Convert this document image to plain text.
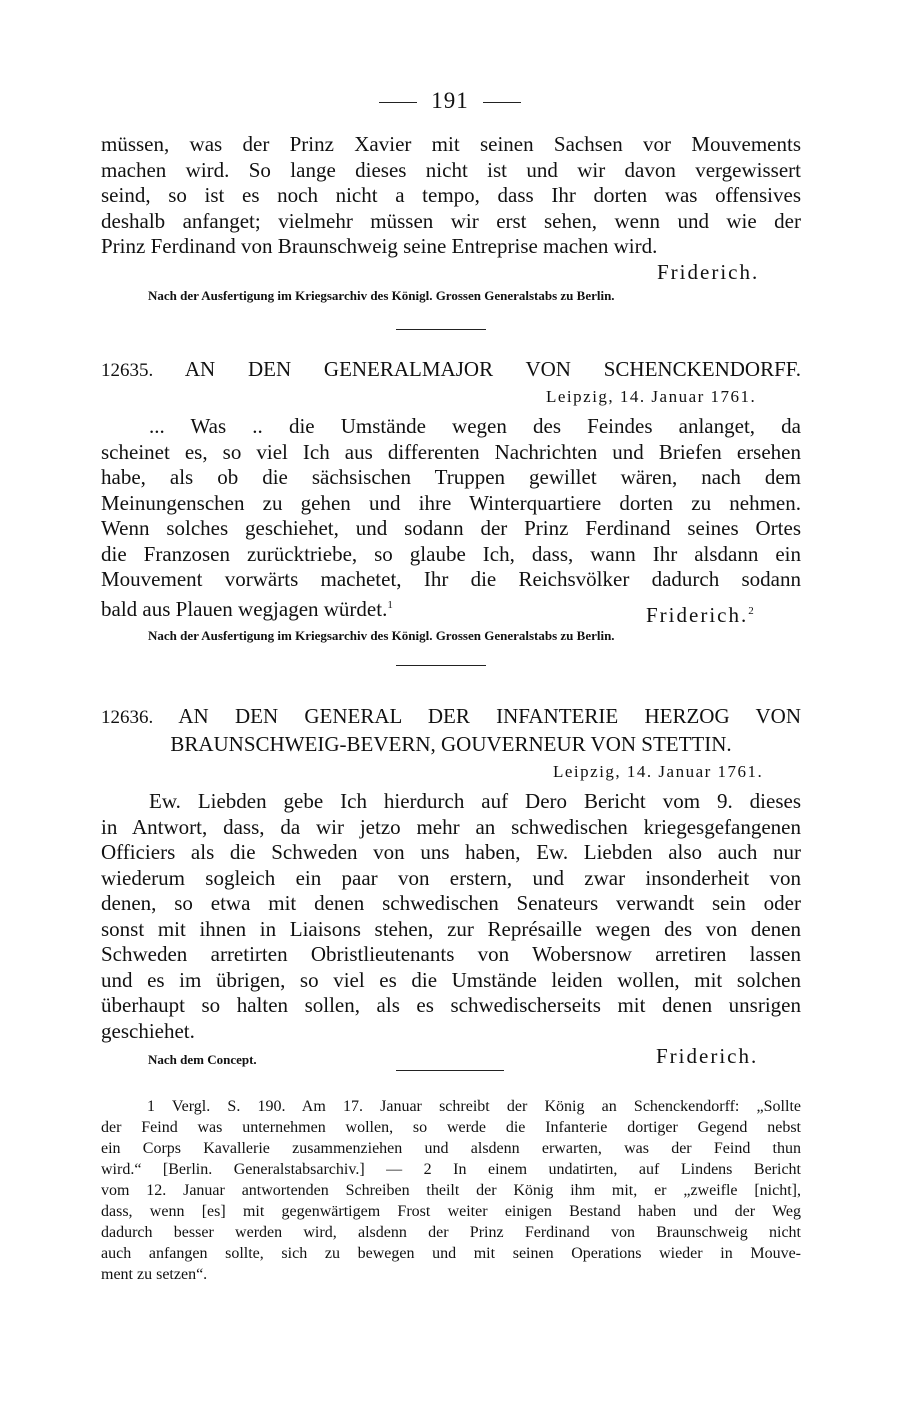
191
müssen, was der Prinz Xavier mit seinen Sachsen vor Mouvements
machen wird. So lange dieses nicht ist und wir davon vergewissert
seind, so ist es noch nicht a tempo, dass Ihr dorten was offensives
deshalb anfanget; vielmehr müssen wir erst sehen, wenn und wie der
Prinz Ferdinand von Braunschweig seine Entreprise machen wird.
Friderich.
Nach der Ausfertigung im Kriegsarchiv des Königl. Grossen Generalstabs zu Berlin.
12635. AN DEN GENERALMAJOR VON SCHENCKENDORFF.
Leipzig, 14. Januar 1761.
... Was .. die Umstände wegen des Feindes anlanget, da
scheinet es, so viel Ich aus differenten Nachrichten und Briefen ersehen
habe, als ob die sächsischen Truppen gewillet wären, nach dem
Meinungenschen zu gehen und ihre Winterquartiere dorten zu nehmen.
Wenn solches geschiehet, und sodann der Prinz Ferdinand seines Ortes
die Franzosen zurücktriebe, so glaube Ich, dass, wann Ihr alsdann ein
Mouvement vorwärts machetet, Ihr die Reichsvölker dadurch sodann
bald aus Plauen wegjagen würdet.$^1$	Friderich.$^2$
Nach der Ausfertigung im Kriegsarchiv des Königl. Grossen Generalstabs zu Berlin.
12636. AN DEN GENERAL DER INFANTERIE HERZOG VON
BRAUNSCHWEIG-BEVERN, GOUVERNEUR VON STETTIN.
Leipzig, 14. Januar 1761.
Ew. Liebden gebe Ich hierdurch auf Dero Bericht vom 9. dieses
in Antwort, dass, da wir jetzo mehr an schwedischen kriegesgefangenen
Officiers als die Schweden von uns haben, Ew. Liebden also auch nur
wiederum sogleich ein paar von erstern, und zwar insonderheit von
denen, so etwa mit denen schwedischen Senateurs verwandt sein oder
sonst mit ihnen in Liaisons stehen, zur Représaille wegen des von denen
Schweden arretirten Obristlieutenants von Wobersnow arretiren lassen
und es im übrigen, so viel es die Umstände leiden wollen, mit solchen
überhaupt so halten sollen, als es schwedischerseits mit denen unsrigen
geschiehet.
Nach dem Concept.	Friderich.
1 Vergl. S. 190. Am 17. Januar schreibt der König an Schenckendorff: „Sollte
der Feind was unternehmen wollen, so werde die Infanterie dortiger Gegend nebst
ein Corps Kavallerie zusammenziehen und alsdenn erwarten, was der Feind thun
wird.“ [Berlin. Generalstabsarchiv.] — 2 In einem undatirten, auf Lindens Bericht
vom 12. Januar antwortenden Schreiben theilt der König ihm mit, er „zweifle [nicht],
dass, wenn [es] mit gegenwärtigem Frost weiter einigen Bestand haben und der Weg
dadurch besser werden wird, alsdenn der Prinz Ferdinand von Braunschweig nicht
auch anfangen sollte, sich zu bewegen und mit seinen Operations wieder in Mouve-
ment zu setzen“.
